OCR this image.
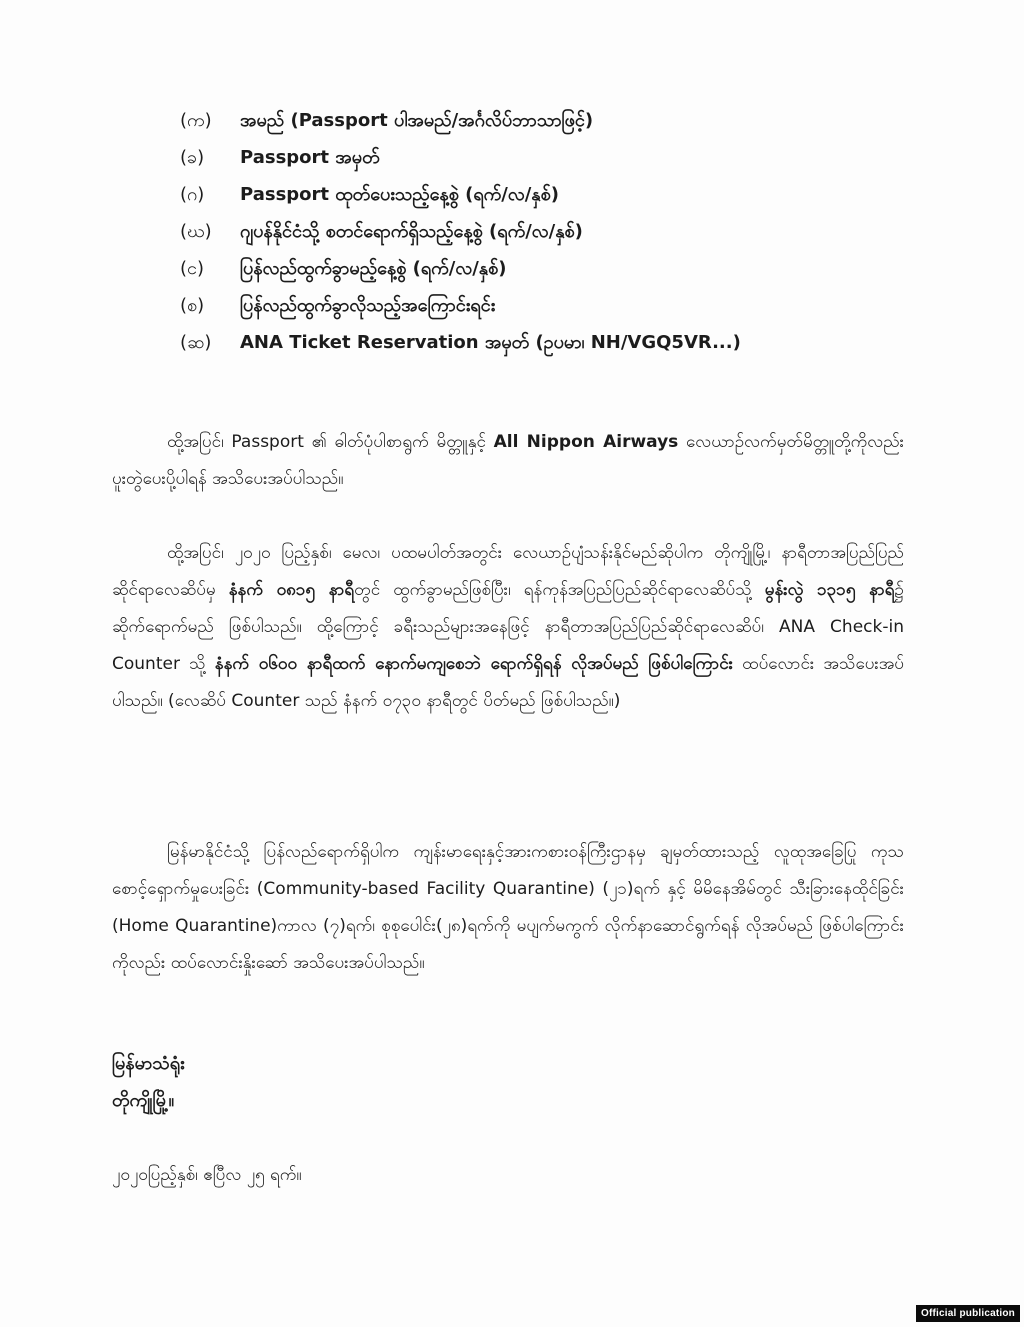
(က)	အမည် (Passport ပါအမည်/အင်္ဂလိပ်ဘာသာဖြင့်)
(ခ)	Passport အမှတ်
(ဂ)	Passport ထုတ်ပေးသည့်နေ့စွဲ (ရက်/လ/နှစ်)
(ဃ)	ဂျပန်နိုင်ငံသို့ စတင်ရောက်ရှိသည့်နေ့စွဲ (ရက်/လ/နှစ်)
(င)	ပြန်လည်ထွက်ခွာမည့်နေ့စွဲ (ရက်/လ/နှစ်)
(စ)	ပြန်လည်ထွက်ခွာလိုသည့်အကြောင်းရင်း
(ဆ)	ANA Ticket Reservation အမှတ် (ဥပမာ၊ NH/VGQ5VR...)

ထို့အပြင်၊ Passport ၏ ဓါတ်ပုံပါစာရွက် မိတ္တူနှင့် All Nippon Airways လေယာဉ်လက်မှတ်မိတ္တူတို့ကိုလည်း ပူးတွဲပေးပို့ပါရန် အသိပေးအပ်ပါသည်။

ထို့အပြင်၊ ၂၀၂၀ ပြည့်နှစ်၊ မေလ၊ ပထမပါတ်အတွင်း လေယာဉ်ပျံသန်းနိုင်မည်ဆိုပါက တိုကျိုမြို့၊ နာရီတာအပြည်ပြည်ဆိုင်ရာလေဆိပ်မှ နံနက် ၀၈၁၅ နာရီတွင် ထွက်ခွာမည်ဖြစ်ပြီး၊ ရန်ကုန်အပြည်ပြည်ဆိုင်ရာလေဆိပ်သို့ မွန်းလွဲ ၁၃၁၅ နာရီ၌ ဆိုက်ရောက်မည် ဖြစ်ပါသည်။ ထို့ကြောင့် ခရီးသည်များအနေဖြင့် နာရီတာအပြည်ပြည်ဆိုင်ရာလေဆိပ်၊ ANA Check-in Counter သို့ နံနက် ၀၆၀၀ နာရီထက် နောက်မကျစေဘဲ ရောက်ရှိရန် လိုအပ်မည် ဖြစ်ပါကြောင်း ထပ်လောင်း အသိပေးအပ်ပါသည်။ (လေဆိပ် Counter သည် နံနက် ၀၇၃၀ နာရီတွင် ပိတ်မည် ဖြစ်ပါသည်။)

မြန်မာနိုင်ငံသို့ ပြန်လည်ရောက်ရှိပါက ကျန်းမာရေးနှင့်အားကစားဝန်ကြီးဌာနမှ ချမှတ်ထားသည့် လူထုအခြေပြု ကုသစောင့်ရှောက်မှုပေးခြင်း (Community-based Facility Quarantine) (၂၁)ရက် နှင့် မိမိနေအိမ်တွင် သီးခြားနေထိုင်ခြင်း (Home Quarantine)ကာလ (၇)ရက်၊ စုစုပေါင်း(၂၈)ရက်ကို မပျက်မကွက် လိုက်နာဆောင်ရွက်ရန် လိုအပ်မည် ဖြစ်ပါကြောင်းကိုလည်း ထပ်လောင်းနှိုးဆော် အသိပေးအပ်ပါသည်။

မြန်မာသံရုံး
တိုကျိုမြို့။
၂၀၂၀ပြည့်နှစ်၊ ဧပြီလ ၂၅ ရက်။
Official publication
